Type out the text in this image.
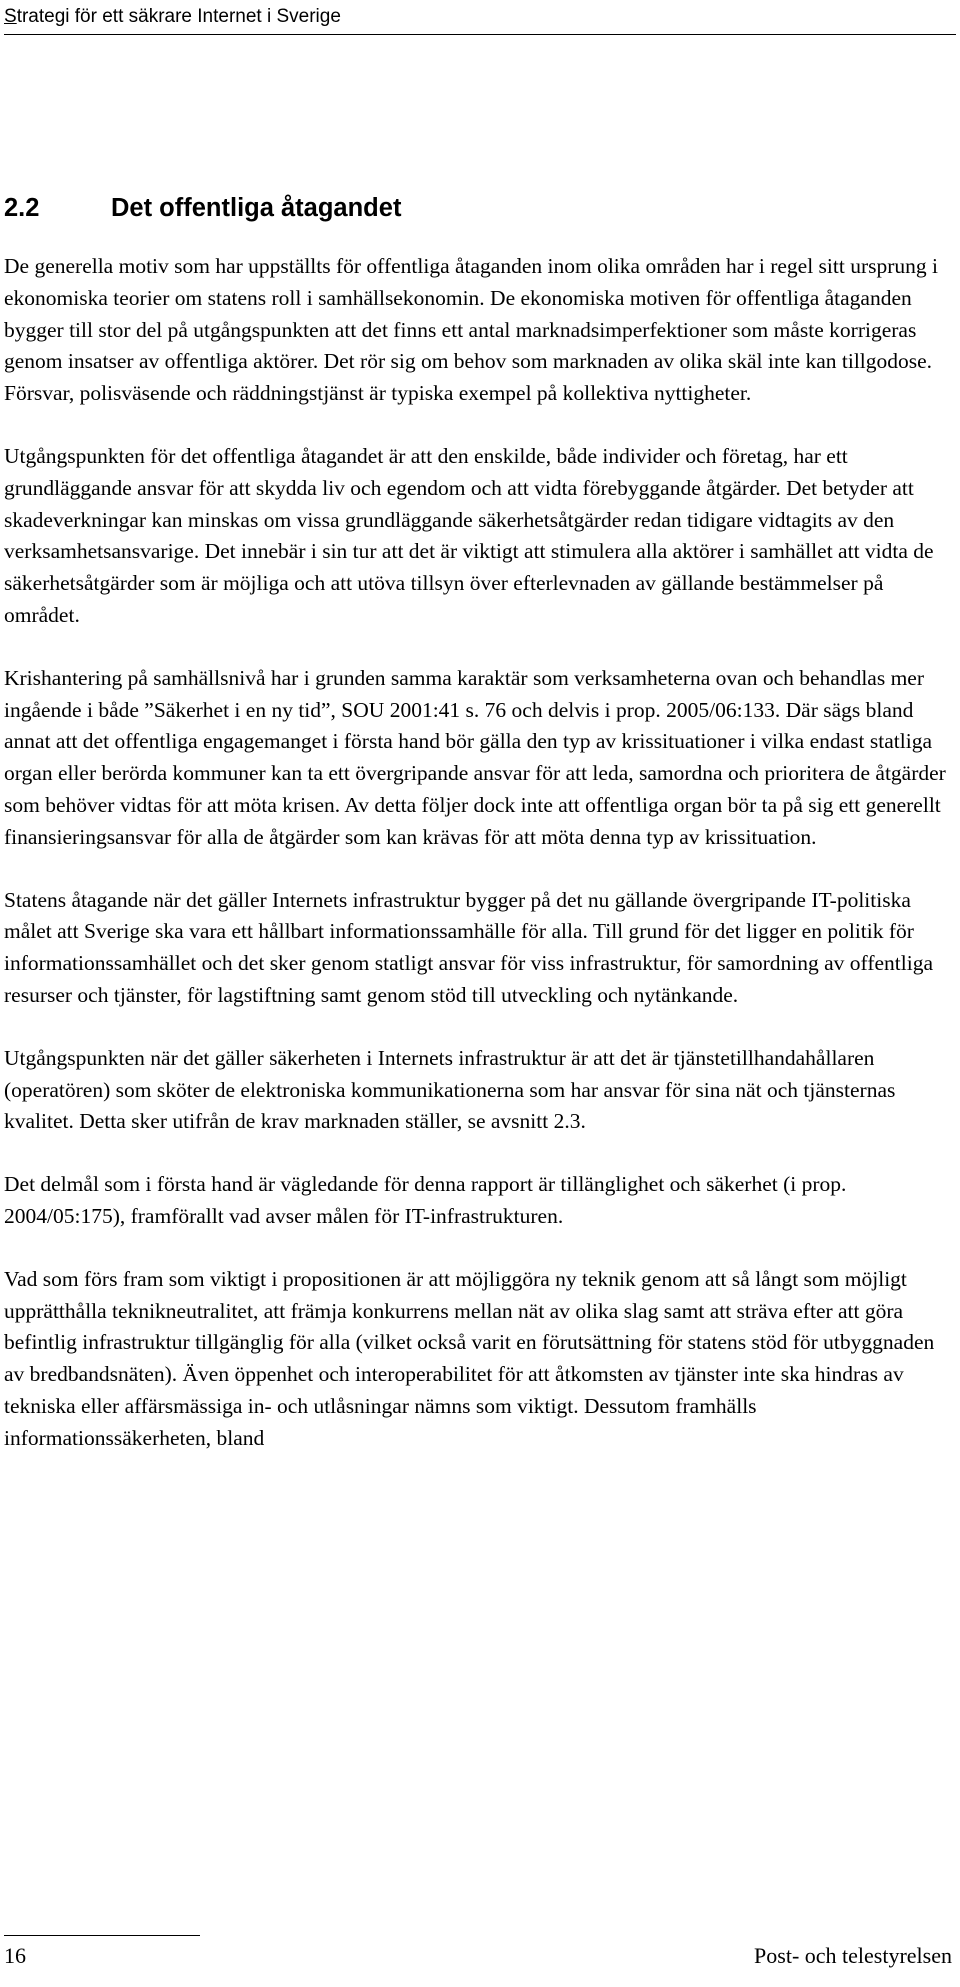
Strategi för ett säkrare Internet i Sverige
2.2	Det offentliga åtagandet

De generella motiv som har uppställts för offentliga åtaganden inom olika områden har i regel sitt ursprung i ekonomiska teorier om statens roll i samhällsekonomin. De ekonomiska motiven för offentliga åtaganden bygger till stor del på utgångspunkten att det finns ett antal marknadsimperfektioner som måste korrigeras genom insatser av offentliga aktörer. Det rör sig om behov som marknaden av olika skäl inte kan tillgodose. Försvar, polisväsende och räddningstjänst är typiska exempel på kollektiva nyttigheter.

Utgångspunkten för det offentliga åtagandet är att den enskilde, både individer och företag, har ett grundläggande ansvar för att skydda liv och egendom och att vidta förebyggande åtgärder. Det betyder att skadeverkningar kan minskas om vissa grundläggande säkerhetsåtgärder redan tidigare vidtagits av den verksamhetsansvarige. Det innebär i sin tur att det är viktigt att stimulera alla aktörer i samhället att vidta de säkerhetsåtgärder som är möjliga och att utöva tillsyn över efterlevnaden av gällande bestämmelser på området.

Krishantering på samhällsnivå har i grunden samma karaktär som verksamheterna ovan och behandlas mer ingående i både ”Säkerhet i en ny tid”, SOU 2001:41 s. 76 och delvis i prop. 2005/06:133. Där sägs bland annat att det offentliga engagemanget i första hand bör gälla den typ av krissituationer i vilka endast statliga organ eller berörda kommuner kan ta ett övergripande ansvar för att leda, samordna och prioritera de åtgärder som behöver vidtas för att möta krisen. Av detta följer dock inte att offentliga organ bör ta på sig ett generellt finansieringsansvar för alla de åtgärder som kan krävas för att möta denna typ av krissituation.

Statens åtagande när det gäller Internets infrastruktur bygger på det nu gällande övergripande IT-politiska målet att Sverige ska vara ett hållbart informationssamhälle för alla. Till grund för det ligger en politik för informationssamhället och det sker genom statligt ansvar för viss infrastruktur, för samordning av offentliga resurser och tjänster, för lagstiftning samt genom stöd till utveckling och nytänkande.

Utgångspunkten när det gäller säkerheten i Internets infrastruktur är att det är tjänstetillhandahållaren (operatören) som sköter de elektroniska kommunikationerna som har ansvar för sina nät och tjänsternas kvalitet. Detta sker utifrån de krav marknaden ställer, se avsnitt 2.3.

Det delmål som i första hand är vägledande för denna rapport är tillänglighet och säkerhet (i prop. 2004/05:175), framförallt vad avser målen för IT-infrastrukturen.

Vad som förs fram som viktigt i propositionen är att möjliggöra ny teknik genom att så långt som möjligt upprätthålla teknikneutralitet, att främja konkurrens mellan nät av olika slag samt att sträva efter att göra befintlig infrastruktur tillgänglig för alla (vilket också varit en förutsättning för statens stöd för utbyggnaden av bredbandsnäten). Även öppenhet och interoperabilitet för att åtkomsten av tjänster inte ska hindras av tekniska eller affärsmässiga in- och utlåsningar nämns som viktigt. Dessutom framhälls informationssäkerheten, bland

16	Post- och telestyrelsen
